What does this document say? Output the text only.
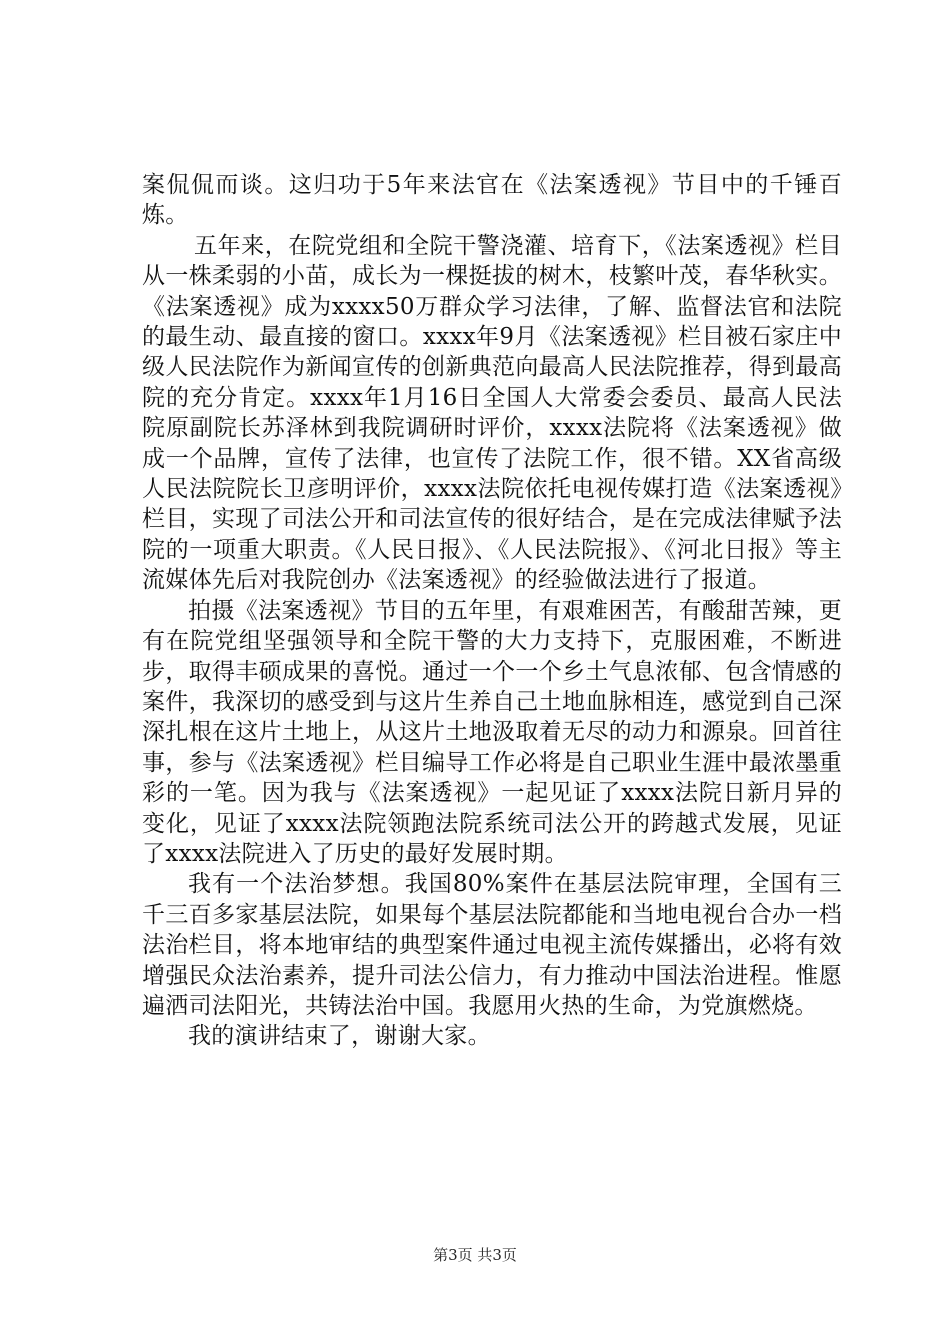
案侃侃而谈。这归功于5年来法官在《法案透视》节目中的千锤百炼。

五年来，在院党组和全院干警浇灌、培育下，《法案透视》栏目从一株柔弱的小苗，成长为一棵挺拔的树木，枝繁叶茂，春华秋实。《法案透视》成为xxxx50万群众学习法律，了解、监督法官和法院的最生动、最直接的窗口。xxxx年9月《法案透视》栏目被石家庄中级人民法院作为新闻宣传的创新典范向最高人民法院推荐，得到最高院的充分肯定。xxxx年1月16日全国人大常委会委员、最高人民法院原副院长苏泽林到我院调研时评价，xxxx法院将《法案透视》做成一个品牌，宣传了法律，也宣传了法院工作，很不错。XX省高级人民法院院长卫彦明评价，xxxx法院依托电视传媒打造《法案透视》栏目，实现了司法公开和司法宣传的很好结合，是在完成法律赋予法院的一项重大职责。《人民日报》、《人民法院报》、《河北日报》等主流媒体先后对我院创办《法案透视》的经验做法进行了报道。

拍摄《法案透视》节目的五年里，有艰难困苦，有酸甜苦辣，更有在院党组坚强领导和全院干警的大力支持下，克服困难，不断进步，取得丰硕成果的喜悦。通过一个一个乡土气息浓郁、包含情感的案件，我深切的感受到与这片生养自己土地血脉相连，感觉到自己深深扎根在这片土地上，从这片土地汲取着无尽的动力和源泉。回首往事，参与《法案透视》栏目编导工作必将是自己职业生涯中最浓墨重彩的一笔。因为我与《法案透视》一起见证了xxxx法院日新月异的变化，见证了xxxx法院领跑法院系统司法公开的跨越式发展，见证了xxxx法院进入了历史的最好发展时期。

我有一个法治梦想。我国80%案件在基层法院审理，全国有三千三百多家基层法院，如果每个基层法院都能和当地电视台合办一档法治栏目，将本地审结的典型案件通过电视主流传媒播出，必将有效增强民众法治素养，提升司法公信力，有力推动中国法治进程。惟愿遍洒司法阳光，共铸法治中国。我愿用火热的生命，为党旗燃烧。

我的演讲结束了，谢谢大家。

第3页 共3页
